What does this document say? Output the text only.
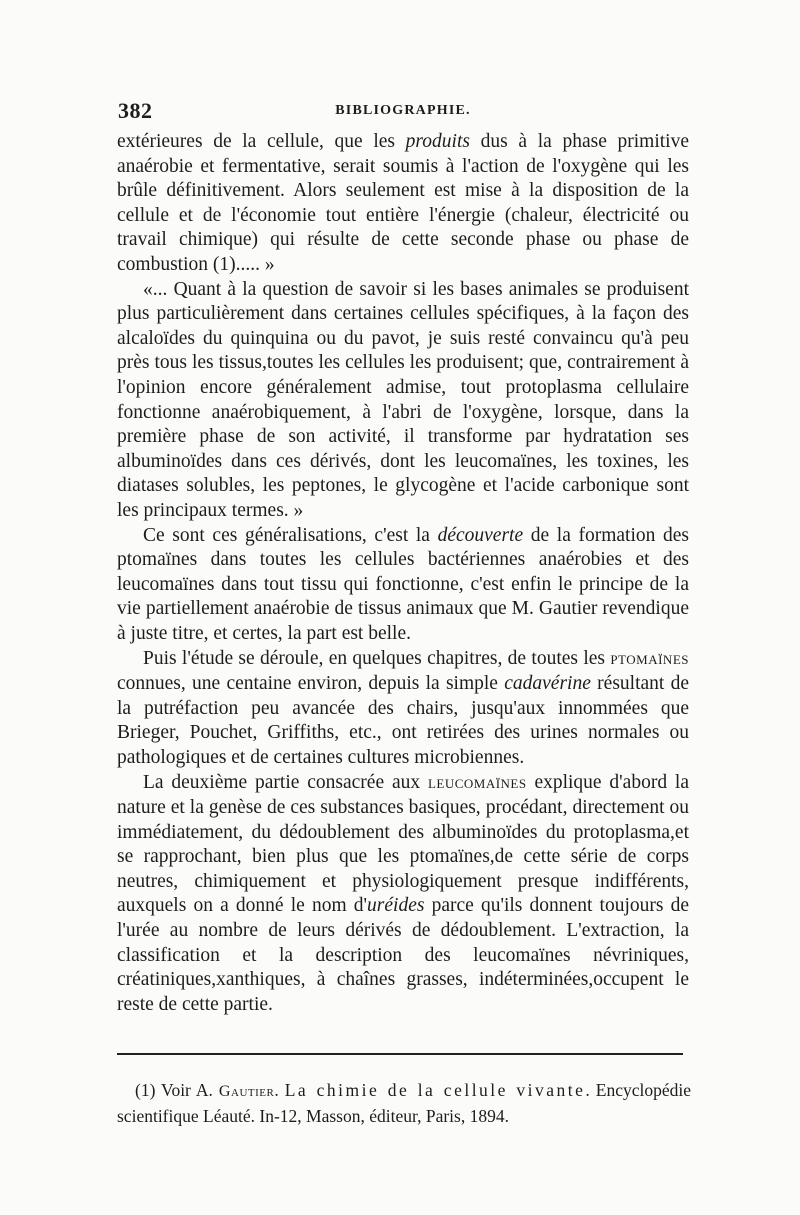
382	BIBLIOGRAPHIE.

extérieures de la cellule, que les produits dus à la phase primitive anaérobie et fermentative, serait soumis à l'action de l'oxygène qui les brûle définitivement. Alors seulement est mise à la disposition de la cellule et de l'économie tout entière l'énergie (chaleur, électricité ou travail chimique) qui résulte de cette seconde phase ou phase de combustion (1)..... »

«... Quant à la question de savoir si les bases animales se produisent plus particulièrement dans certaines cellules spécifiques, à la façon des alcaloïdes du quinquina ou du pavot, je suis resté convaincu qu'à peu près tous les tissus,toutes les cellules les produisent; que, contrairement à l'opinion encore généralement admise, tout protoplasma cellulaire fonctionne anaérobiquement, à l'abri de l'oxygène, lorsque, dans la première phase de son activité, il transforme par hydratation ses albuminoïdes dans ces dérivés, dont les leucomaïnes, les toxines, les diatases solubles, les peptones, le glycogène et l'acide carbonique sont les principaux termes. »

Ce sont ces généralisations, c'est la découverte de la formation des ptomaïnes dans toutes les cellules bactériennes anaérobies et des leucomaïnes dans tout tissu qui fonctionne, c'est enfin le principe de la vie partiellement anaérobie de tissus animaux que M. Gautier revendique à juste titre, et certes, la part est belle.

Puis l'étude se déroule, en quelques chapitres, de toutes les ptomaïnes connues, une centaine environ, depuis la simple cadavérine résultant de la putréfaction peu avancée des chairs, jusqu'aux innommées que Brieger, Pouchet, Griffiths, etc., ont retirées des urines normales ou pathologiques et de certaines cultures microbiennes.

La deuxième partie consacrée aux leucomaïnes explique d'abord la nature et la genèse de ces substances basiques, procédant, directement ou immédiatement, du dédoublement des albuminoïdes du protoplasma,et se rapprochant, bien plus que les ptomaïnes,de cette série de corps neutres, chimiquement et physiologiquement presque indifférents, auxquels on a donné le nom d'uréides parce qu'ils donnent toujours de l'urée au nombre de leurs dérivés de dédoublement. L'extraction, la classification et la description des leucomaïnes névriniques, créatiniques,xanthiques, à chaînes grasses, indéterminées,occupent le reste de cette partie.

(1) Voir A. Gautier. La chimie de la cellule vivante. Encyclopédie scientifique Léauté. In-12, Masson, éditeur, Paris, 1894.
